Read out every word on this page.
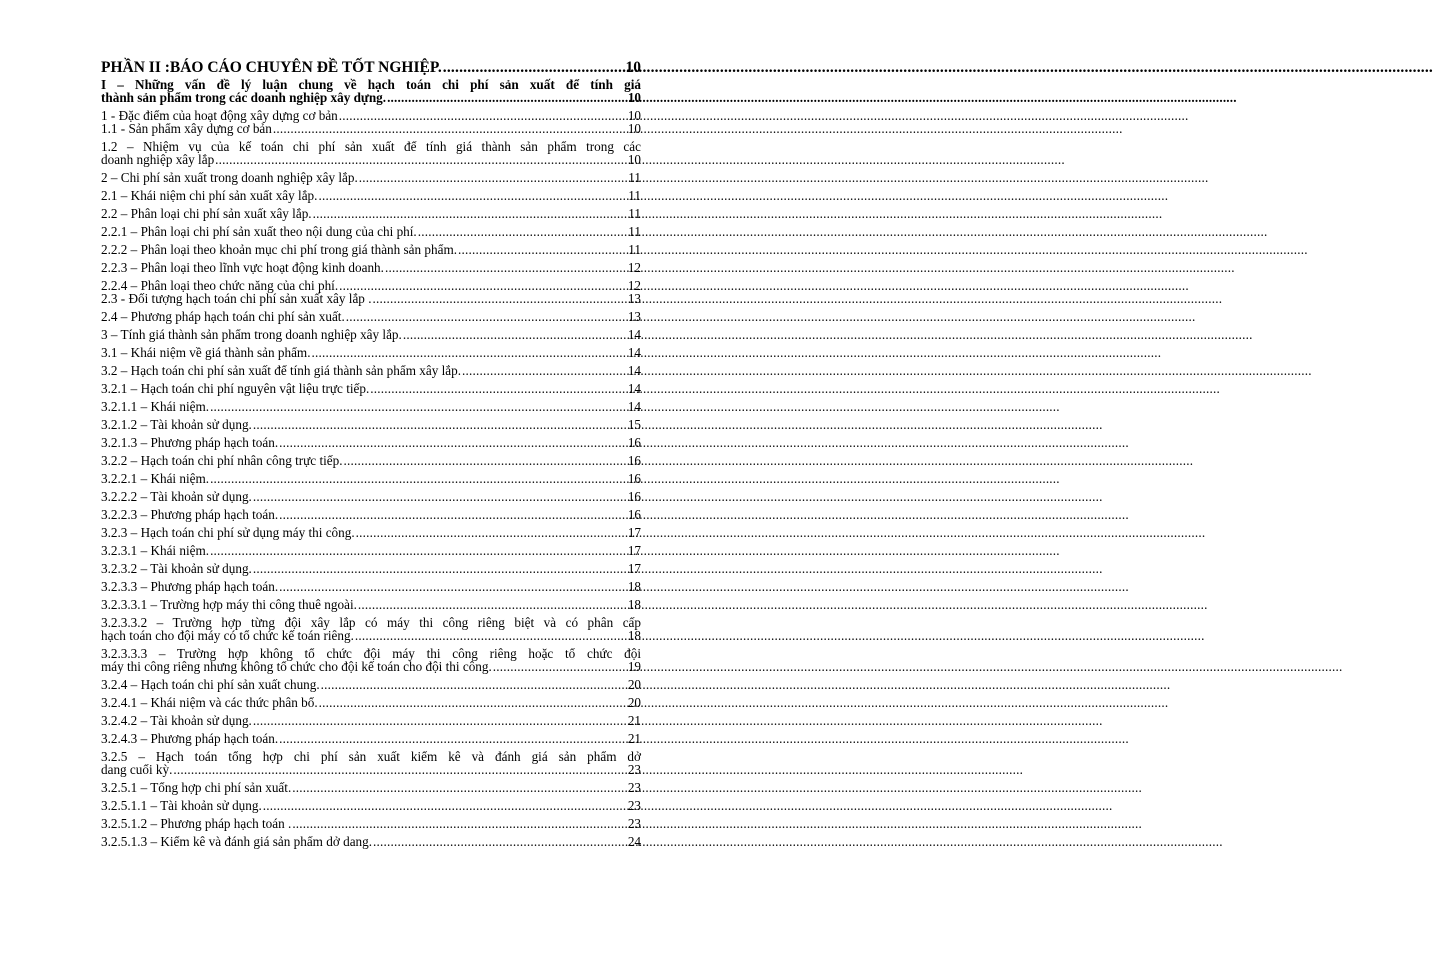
PHẦN II :BÁO CÁO CHUYÊN ĐỀ TỐT NGHIỆP. .....	10
I – Những vấn đề lý luận chung về hạch toán chi phí sản xuất để tính giá
thành sản phẩm trong các doanh nghiệp xây dựng. .....	10
1 - Đặc điểm của hoạt động xây dựng cơ bản .....	10
1.1 - Sản phẩm xây dựng cơ bản .....	10
1.2 – Nhiệm vụ của kế toán chi phí sản xuất để tính giá thành sản phẩm trong các
doanh nghiệp xây lắp .....	10
2 – Chi phí sản xuất trong doanh nghiệp xây lắp. .....	11
2.1 – Khái niệm chi phí sản xuất xây lắp. .....	11
2.2 – Phân loại chi phí sản xuất xây lắp. .....	11
2.2.1 – Phân loại chi phí sản xuất theo nội dung của chi phí. .....	11
2.2.2 – Phân loại theo khoản mục chi phí trong giá thành sản phẩm. .....	11
2.2.3 – Phân loại theo lĩnh vực hoạt động kinh doanh. .....	12
2.2.4 – Phân loại theo chức năng của chi phí. .....	12
2.3 - Đối tượng hạch toán chi phí sản xuất xây lắp . .....	13
2.4 – Phương pháp hạch toán chi phí sản xuất. .....	13
3 – Tính giá thành sản phẩm trong doanh nghiệp xây lắp. .....	14
3.1 – Khái niệm về giá thành sản phẩm. .....	14
3.2 – Hạch toán chi phí sản xuất để tính giá thành sản phẩm xây lắp. .....	14
3.2.1 – Hạch toán chi phí nguyên vật liệu trực tiếp. .....	14
3.2.1.1 – Khái niệm. .....	14
3.2.1.2 – Tài khoản sử dụng. .....	15
3.2.1.3 – Phương pháp hạch toán. .....	16
3.2.2 – Hạch toán chi phí nhân công trực tiếp. .....	16
3.2.2.1 – Khái niệm. .....	16
3.2.2.2 – Tài khoản sử dụng. .....	16
3.2.2.3 – Phương pháp hạch toán. .....	16
3.2.3 – Hạch toán chi phí sử dụng máy thi công. .....	17
3.2.3.1 – Khái niệm. .....	17
3.2.3.2 – Tài khoản sử dụng. .....	17
3.2.3.3 – Phương pháp hạch toán. .....	18
3.2.3.3.1 – Trường hợp máy thi công thuê ngoài. .....	18
3.2.3.3.2 – Trường hợp từng đội xây lắp có máy thi công riêng biệt và có phân cấp
hạch toán cho đội máy có tổ chức kế toán riêng. .....	18
3.2.3.3.3 – Trường hợp không tổ chức đội máy thi công riêng hoặc tổ chức đội
máy thi công riêng nhưng không tổ chức cho đội kế toán cho đội thi công. .....	19
3.2.4 – Hạch toán chi phí sản xuất chung. .....	20
3.2.4.1 – Khái niệm và các thức phân bổ. .....	20
3.2.4.2 – Tài khoản sử dụng. .....	21
3.2.4.3 – Phương pháp hạch toán. .....	21
3.2.5 – Hạch toán tổng hợp chi phí sản xuất kiểm kê và đánh giá sản phẩm dở
dang cuối kỳ. .....	23
3.2.5.1 – Tổng hợp chi phí sản xuất. .....	23
3.2.5.1.1 – Tài khoản sử dụng. .....	23
3.2.5.1.2 – Phương pháp hạch toán . .....	23
3.2.5.1.3 – Kiểm kê và đánh giá sản phẩm dở dang. .....	24
